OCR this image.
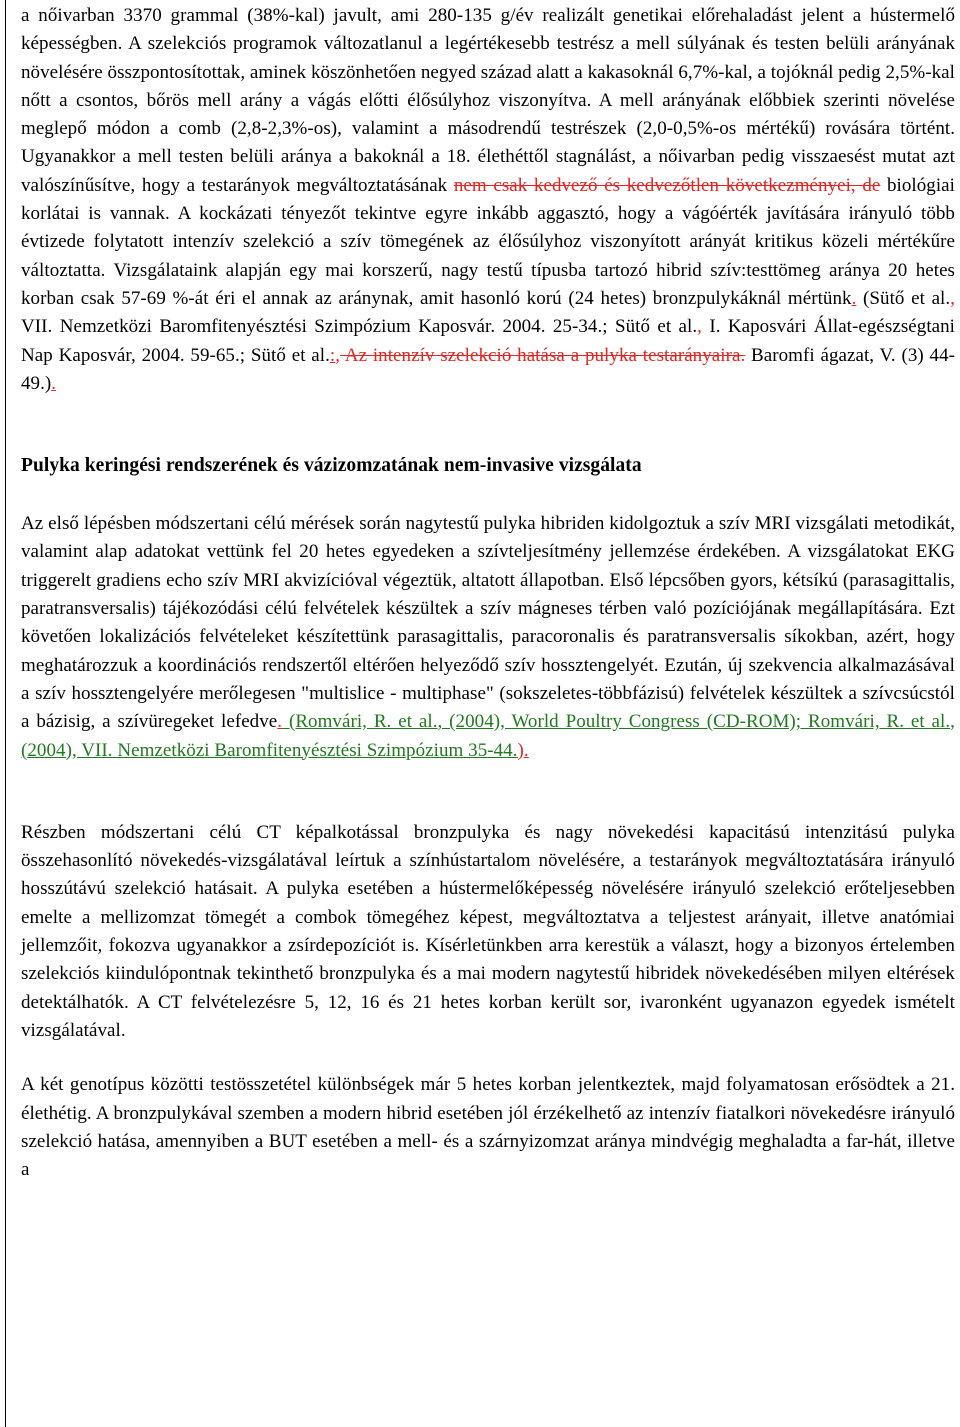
a nőivarban 3370 grammal (38%-kal) javult, ami 280-135 g/év realizált genetikai előrehaladást jelent a hústermelő képességben. A szelekciós programok változatlanul a legértékesebb testrész a mell súlyának és testen belüli arányának növelésére összpontosítottak, aminek köszönhetően negyed század alatt a kakasoknál 6,7%-kal, a tojóknál pedig 2,5%-kal nőtt a csontos, bőrös mell arány a vágás előtti élősúlyhoz viszonyítva. A mell arányának előbbiek szerinti növelése meglepő módon a comb (2,8-2,3%-os), valamint a másodrendű testrészek (2,0-0,5%-os mértékű) rovására történt. Ugyanakkor a mell testen belüli aránya a bakoknál a 18. élethéttől stagnálást, a nőivarban pedig visszaesést mutat azt valószínűsítve, hogy a testarányok megváltoztatásának nem csak kedvező és kedvezőtlen következményei, de biológiai korlátai is vannak. A kockázati tényezőt tekintve egyre inkább aggasztó, hogy a vágóérték javítására irányuló több évtizede folytatott intenzív szelekció a szív tömegének az élősúlyhoz viszonyított arányát kritikus közeli mértékűre változtatta. Vizsgálataink alapján egy mai korszerű, nagy testű típusba tartozó hibrid szív:testtömeg aránya 20 hetes korban csak 57-69 %-át éri el annak az aránynak, amit hasonló korú (24 hetes) bronzpulykáknál mértünk. (Sütő et al., VII. Nemzetközi Baromfitenyésztési Szimpózium Kaposvár. 2004. 25-34.; Sütő et al., I. Kaposvári Állat-egészségtani Nap Kaposvár, 2004. 59-65.; Sütő et al.:, Az intenzív szelekció hatása a pulyka testarányaira. Baromfi ágazat, V. (3) 44-49.).

Pulyka keringési rendszerének és vázizomzatának nem-invasive vizsgálata

Az első lépésben módszertani célú mérések során nagytestű pulyka hibriden kidolgoztuk a szív MRI vizsgálati metodikát, valamint alap adatokat vettünk fel 20 hetes egyedeken a szívteljesítmény jellemzése érdekében. A vizsgálatokat EKG triggerelt gradiens echo szív MRI akvizícióval végeztük, altatott állapotban. Első lépcsőben gyors, kétsíkú (parasagittalis, paratransversalis) tájékozódási célú felvételek készültek a szív mágneses térben való pozíciójának megállapítására. Ezt követően lokalizációs felvételeket készítettünk parasagittalis, paracoronalis és paratransversalis síkokban, azért, hogy meghatározzuk a koordinációs rendszertől eltérően helyeződő szív hossztengelyét. Ezután, új szekvencia alkalmazásával a szív hossztengelyére merőlegesen "multislice - multiphase" (sokszeletes-többfázisú) felvételek készültek a szívcsúcstól a bázisig, a szívüregeket lefedve. (Romvári, R. et al., (2004), World Poultry Congress (CD-ROM); Romvári, R. et al., (2004), VII. Nemzetközi Baromfitenyésztési Szimpózium 35-44.).

Részben módszertani célú CT képalkotással bronzpulyka és nagy növekedési kapacitású intenzitású pulyka összehasonlító növekedés-vizsgálatával leírtuk a színhústartalom növelésére, a testarányok megváltoztatására irányuló hosszútávú szelekció hatásait. A pulyka esetében a hústermelőképesség növelésére irányuló szelekció erőteljesebben emelte a mellizomzat tömegét a combok tömegéhez képest, megváltoztatva a teljestest arányait, illetve anatómiai jellemzőit, fokozva ugyanakkor a zsírdepozíciót is. Kísérletünkben arra kerestük a választ, hogy a bizonyos értelemben szelekciós kiindulópontnak tekinthető bronzpulyka és a mai modern nagytestű hibridek növekedésében milyen eltérések detektálhatók. A CT felvételezésre 5, 12, 16 és 21 hetes korban került sor, ivaronként ugyanazon egyedek ismételt vizsgálatával.

A két genotípus közötti testösszetétel különbségek már 5 hetes korban jelentkeztek, majd folyamatosan erősödtek a 21. élethétig. A bronzpulykával szemben a modern hibrid esetében jól érzékelhető az intenzív fiatalkori növekedésre irányuló szelekció hatása, amennyiben a BUT esetében a mell- és a szárnyizomzat aránya mindvégig meghaladta a far-hát, illetve a
